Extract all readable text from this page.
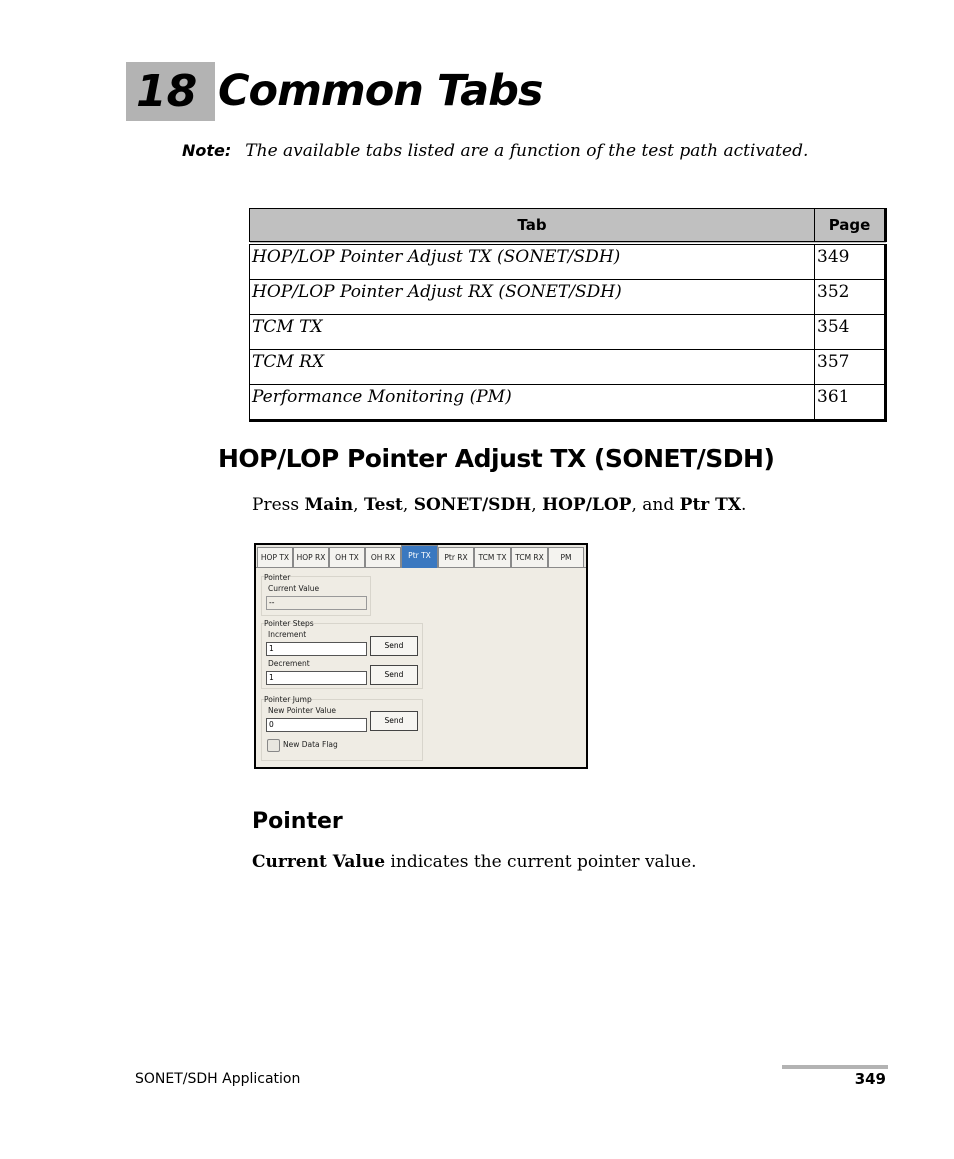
18 Common Tabs
Note: The available tabs listed are a function of the test path activated.
Tab	Page
HOP/LOP Pointer Adjust TX (SONET/SDH)	349
HOP/LOP Pointer Adjust RX (SONET/SDH)	352
TCM TX	354
TCM RX	357
Performance Monitoring (PM)	361
HOP/LOP Pointer Adjust TX (SONET/SDH)
Press Main, Test, SONET/SDH, HOP/LOP, and Ptr TX.
HOP TX	HOP RX	OH TX	OH RX	Ptr TX	Ptr RX	TCM TX	TCM RX	PM
Pointer
Current Value
--
Pointer Steps
Increment
1	Send
Decrement
1	Send
Pointer Jump
New Pointer Value
0	Send
New Data Flag
Pointer
Current Value indicates the current pointer value.
SONET/SDH Application	349
